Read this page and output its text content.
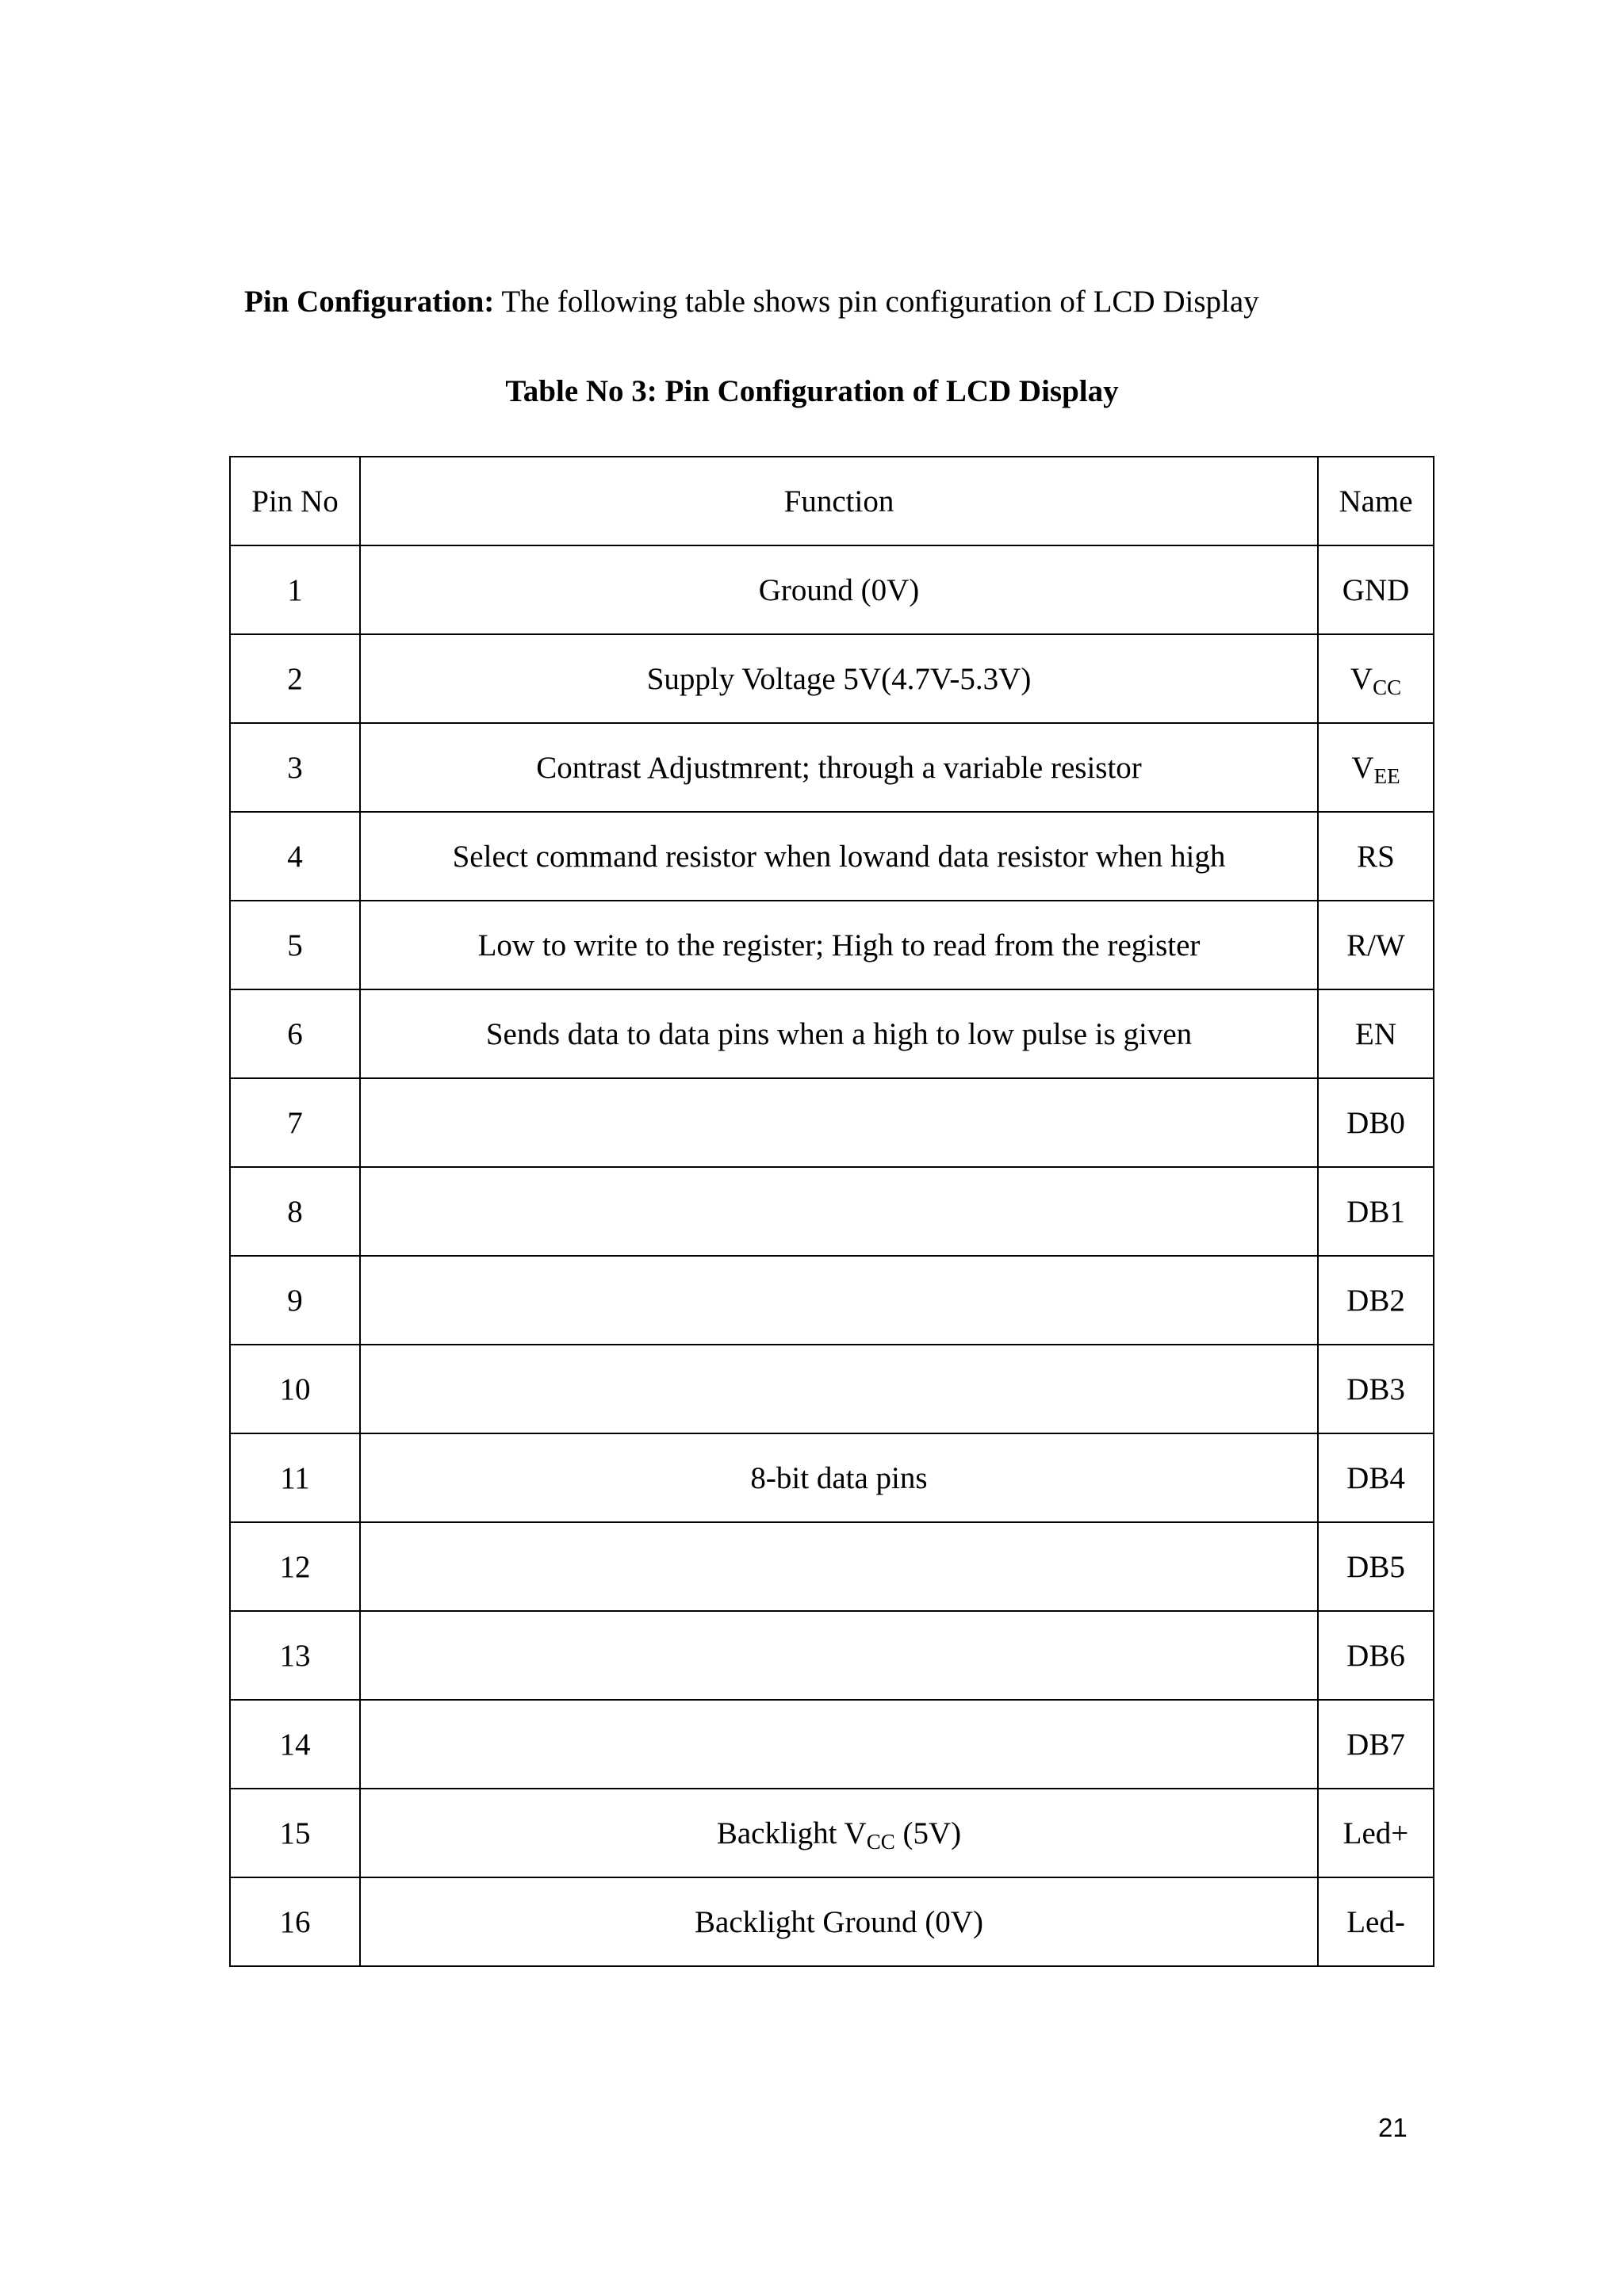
Pin Configuration: The following table shows pin configuration of LCD Display
Table No 3: Pin Configuration of LCD Display
Pin No	Function	Name
1	Ground (0V)	GND
2	Supply Voltage 5V(4.7V-5.3V)	$V_{CC}$
3	Contrast Adjustmrent; through a variable resistor	$V_{EE}$
4	Select command resistor when lowand data resistor when high	RS
5	Low to write to the register; High to read from the register	R/W
6	Sends data to data pins when a high to low pulse is given	EN
7		DB0
8		DB1
9		DB2
10		DB3
11	8-bit data pins	DB4
12		DB5
13		DB6
14		DB7
15	Backlight $V_{CC}$ (5V)	Led+
16	Backlight Ground (0V)	Led-
21
